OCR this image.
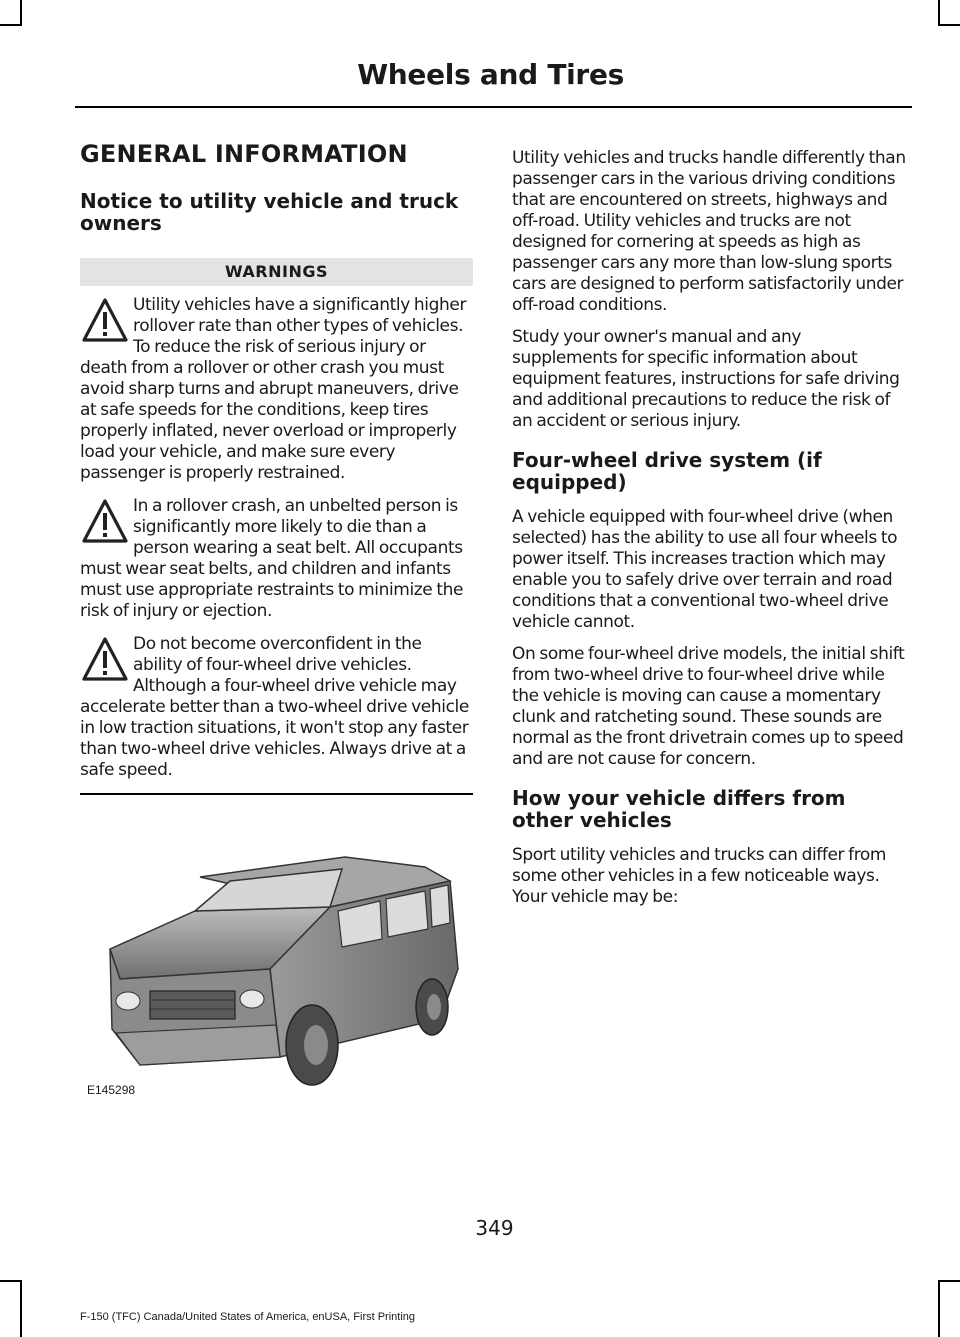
Wheels and Tires
GENERAL INFORMATION
Notice to utility vehicle and truck owners
WARNINGS
Utility vehicles have a significantly higher rollover rate than other types of vehicles. To reduce the risk of serious injury or death from a rollover or other crash you must avoid sharp turns and abrupt maneuvers, drive at safe speeds for the conditions, keep tires properly inflated, never overload or improperly load your vehicle, and make sure every passenger is properly restrained.
In a rollover crash, an unbelted person is significantly more likely to die than a person wearing a seat belt. All occupants must wear seat belts, and children and infants must use appropriate restraints to minimize the risk of injury or ejection.
Do not become overconfident in the ability of four-wheel drive vehicles. Although a four-wheel drive vehicle may accelerate better than a two-wheel drive vehicle in low traction situations, it won't stop any faster than two-wheel drive vehicles. Always drive at a safe speed.
E145298

Utility vehicles and trucks handle differently than passenger cars in the various driving conditions that are encountered on streets, highways and off-road. Utility vehicles and trucks are not designed for cornering at speeds as high as passenger cars any more than low-slung sports cars are designed to perform satisfactorily under off-road conditions.

Study your owner's manual and any supplements for specific information about equipment features, instructions for safe driving and additional precautions to reduce the risk of an accident or serious injury.

Four-wheel drive system (if equipped)

A vehicle equipped with four-wheel drive (when selected) has the ability to use all four wheels to power itself. This increases traction which may enable you to safely drive over terrain and road conditions that a conventional two-wheel drive vehicle cannot.

On some four-wheel drive models, the initial shift from two-wheel drive to four-wheel drive while the vehicle is moving can cause a momentary clunk and ratcheting sound. These sounds are normal as the front drivetrain comes up to speed and are not cause for concern.

How your vehicle differs from other vehicles

Sport utility vehicles and trucks can differ from some other vehicles in a few noticeable ways. Your vehicle may be:

349
F-150 (TFC) Canada/United States of America, enUSA, First Printing
